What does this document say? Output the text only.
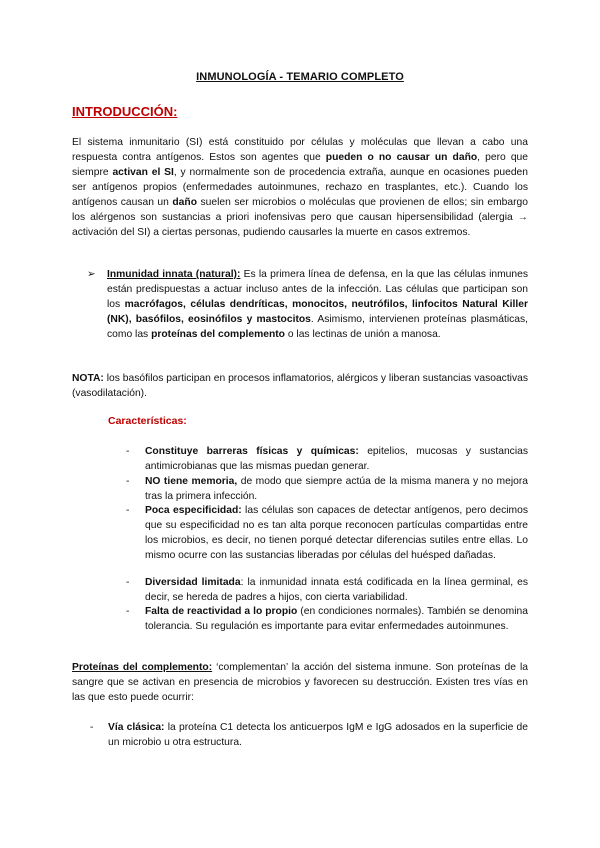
INMUNOLOGÍA - TEMARIO COMPLETO
INTRODUCCIÓN:
El sistema inmunitario (SI) está constituido por células y moléculas que llevan a cabo una respuesta contra antígenos. Estos son agentes que pueden o no causar un daño, pero que siempre activan el SI, y normalmente son de procedencia extraña, aunque en ocasiones pueden ser antígenos propios (enfermedades autoinmunes, rechazo en trasplantes, etc.). Cuando los antígenos causan un daño suelen ser microbios o moléculas que provienen de ellos; sin embargo los alérgenos son sustancias a priori inofensivas pero que causan hipersensibilidad (alergia → activación del SI) a ciertas personas, pudiendo causarles la muerte en casos extremos.
➢ Inmunidad innata (natural): Es la primera línea de defensa, en la que las células inmunes están predispuestas a actuar incluso antes de la infección. Las células que participan son los macrófagos, células dendríticas, monocitos, neutrófilos, linfocitos Natural Killer (NK), basófilos, eosinófilos y mastocitos. Asimismo, intervienen proteínas plasmáticas, como las proteínas del complemento o las lectinas de unión a manosa.
NOTA: los basófilos participan en procesos inflamatorios, alérgicos y liberan sustancias vasoactivas (vasodilatación).
Características:
- Constituye barreras físicas y químicas: epitelios, mucosas y sustancias antimicrobianas que las mismas puedan generar.
- NO tiene memoria, de modo que siempre actúa de la misma manera y no mejora tras la primera infección.
- Poca especificidad: las células son capaces de detectar antígenos, pero decimos que su especificidad no es tan alta porque reconocen partículas compartidas entre los microbios, es decir, no tienen porqué detectar diferencias sutiles entre ellas. Lo mismo ocurre con las sustancias liberadas por células del huésped dañadas.
- Diversidad limitada: la inmunidad innata está codificada en la línea germinal, es decir, se hereda de padres a hijos, con cierta variabilidad.
- Falta de reactividad a lo propio (en condiciones normales). También se denomina tolerancia. Su regulación es importante para evitar enfermedades autoinmunes.
Proteínas del complemento: ‘complementan’ la acción del sistema inmune. Son proteínas de la sangre que se activan en presencia de microbios y favorecen su destrucción. Existen tres vías en las que esto puede ocurrir:
- Vía clásica: la proteína C1 detecta los anticuerpos IgM e IgG adosados en la superficie de un microbio u otra estructura.
